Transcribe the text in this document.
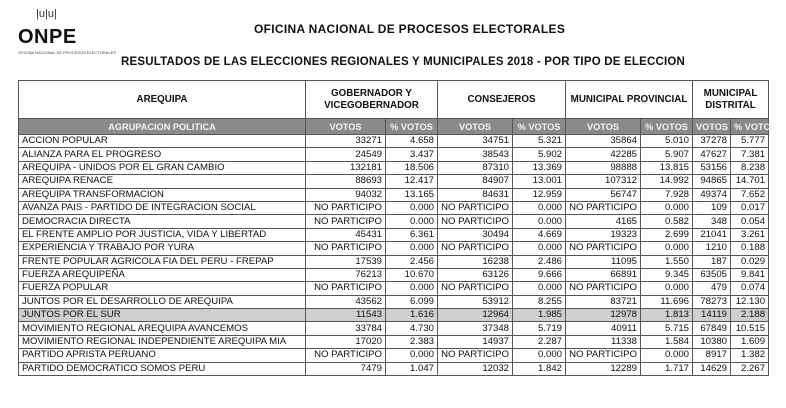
|u|u|
ONPE
OFICINA NACIONAL DE PROCESOS ELECTORALES
OFICINA NACIONAL DE PROCESOS ELECTORALES
RESULTADOS DE LAS ELECCIONES REGIONALES Y MUNICIPALES 2018 - POR TIPO DE ELECCION
AREQUIPA	GOBERNADOR Y VICEGOBERNADOR		CONSEJEROS		MUNICIPAL PROVINCIAL		MUNICIPAL DISTRITAL	
AGRUPACION POLITICA	VOTOS	% VOTOS	VOTOS	% VOTOS	VOTOS	% VOTOS	VOTOS	% VOTOS
ACCION POPULAR	33271	4.658	34751	5.321	35864	5.010	37278	5.777
ALIANZA PARA EL PROGRESO	24549	3.437	38543	5.902	42285	5.907	47627	7.381
AREQUIPA - UNIDOS POR EL GRAN CAMBIO	132181	18.506	87310	13.369	98888	13.815	53156	8.238
AREQUIPA RENACE	88693	12.417	84907	13.001	107312	14.992	94865	14.701
AREQUIPA TRANSFORMACION	94032	13.165	84631	12.959	56747	7.928	49374	7.652
AVANZA PAIS - PARTIDO DE INTEGRACION SOCIAL	NO PARTICIPO	0.000	NO PARTICIPO	0.000	NO PARTICIPO	0.000	109	0.017
DEMOCRACIA DIRECTA	NO PARTICIPO	0.000	NO PARTICIPO	0.000	4165	0.582	348	0.054
EL FRENTE AMPLIO POR JUSTICIA, VIDA Y LIBERTAD	45431	6.361	30494	4.669	19323	2.699	21041	3.261
EXPERIENCIA Y TRABAJO POR YURA	NO PARTICIPO	0.000	NO PARTICIPO	0.000	NO PARTICIPO	0.000	1210	0.188
FRENTE POPULAR AGRICOLA FIA DEL PERU - FREPAP	17539	2.456	16238	2.486	11095	1.550	187	0.029
FUERZA AREQUIPEÑA	76213	10.670	63126	9.666	66891	9.345	63505	9.841
FUERZA POPULAR	NO PARTICIPO	0.000	NO PARTICIPO	0.000	NO PARTICIPO	0.000	479	0.074
JUNTOS POR EL DESARROLLO DE AREQUIPA	43562	6.099	53912	8.255	83721	11.696	78273	12.130
JUNTOS POR EL SUR	11543	1.616	12964	1.985	12978	1.813	14119	2.188
MOVIMIENTO REGIONAL AREQUIPA AVANCEMOS	33784	4.730	37348	5.719	40911	5.715	67849	10.515
MOVIMIENTO REGIONAL INDEPENDIENTE AREQUIPA MIA	17020	2.383	14937	2.287	11338	1.584	10380	1.609
PARTIDO APRISTA PERUANO	NO PARTICIPO	0.000	NO PARTICIPO	0.000	NO PARTICIPO	0.000	8917	1.382
PARTIDO DEMOCRATICO SOMOS PERU	7479	1.047	12032	1.842	12289	1.717	14629	2.267
